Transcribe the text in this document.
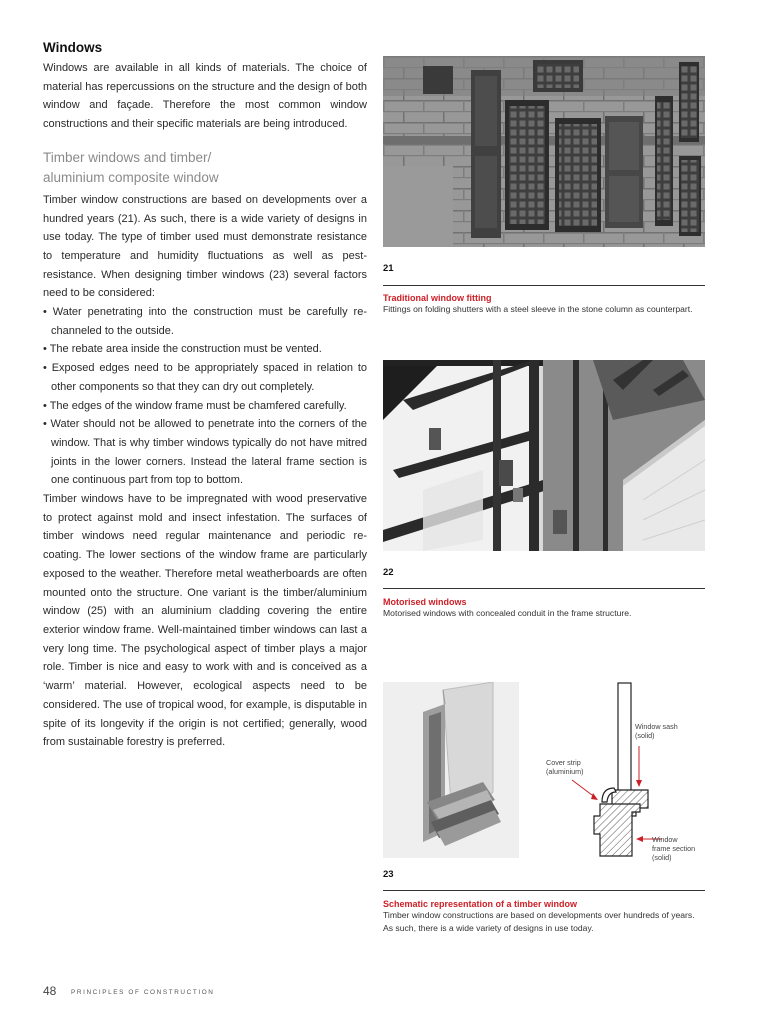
Windows

Windows are available in all kinds of materials. The choice of material has repercussions on the structure and the design of both window and façade. Therefore the most common window constructions and their specific materials are being introduced.

Timber windows and timber/
aluminium composite window

Timber window constructions are based on developments over a hundred years (21). As such, there is a wide variety of designs in use today. The type of timber used must demonstrate resistance to temperature and humidity fluctuations as well as pest-resistance. When designing timber windows (23) several factors need to be considered:

• Water penetrating into the construction must be carefully re-channeled to the outside.
• The rebate area inside the construction must be vented.
• Exposed edges need to be appropriately spaced in relation to other components so that they can dry out completely.
• The edges of the window frame must be chamfered carefully.
• Water should not be allowed to penetrate into the corners of the window. That is why timber windows typically do not have mitred joints in the lower corners. Instead the lateral frame section is one continuous part from top to bottom.

Timber windows have to be impregnated with wood preservative to protect against mold and insect infestation. The surfaces of timber windows need regular maintenance and periodic re-coating. The lower sections of the window frame are particularly exposed to the weather. Therefore metal weatherboards are often mounted onto the structure. One variant is the timber/aluminium window (25) with an aluminium cladding covering the entire exterior window frame. Well-maintained timber windows can last a very long time. The psychological aspect of timber plays a major role. Timber is nice and easy to work with and is conceived as a ‘warm’ material. However, ecological aspects need to be considered. The use of tropical wood, for example, is disputable in spite of its longevity if the origin is not certified; generally, wood from sustainable forestry is preferred.

21
Traditional window fitting
Fittings on folding shutters with a steel sleeve in the stone column as counterpart.
22
Motorised windows
Motorised windows with concealed conduit in the frame structure.
Window sash
(solid)
Cover strip
(aluminium)
Window
frame section
(solid)
23
Schematic representation of a timber window
Timber window constructions are based on developments over hundreds of years. As such, there is a wide variety of designs in use today.
48 PRINCIPLES OF CONSTRUCTION
